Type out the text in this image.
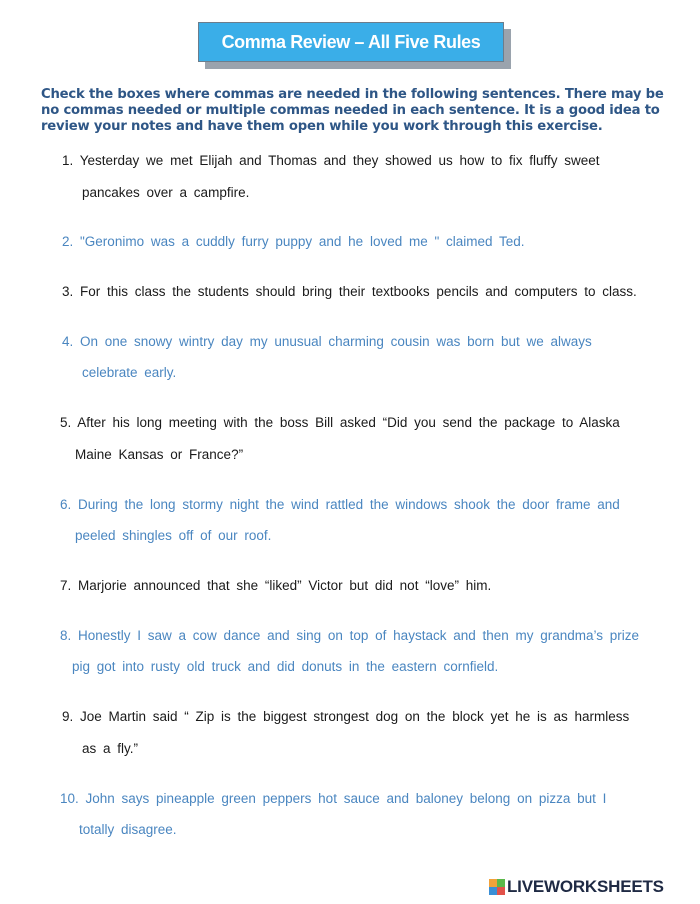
Comma Review – All Five Rules
Check the boxes where commas are needed in the following sentences. There may be no commas needed or multiple commas needed in each sentence. It is a good idea to review your notes and have them open while you work through this exercise.
1. Yesterday we met Elijah and Thomas and they showed us how to fix fluffy sweet
pancakes over a campfire.
2. "Geronimo was a cuddly furry puppy and he loved me " claimed Ted.
3. For this class the students should bring their textbooks pencils and computers to class.
4. On one snowy wintry day my unusual charming cousin was born but we always
celebrate early.
5. After his long meeting with the boss Bill asked “Did you send the package to Alaska
Maine Kansas or France?”
6. During the long stormy night the wind rattled the windows shook the door frame and
peeled shingles off of our roof.
7. Marjorie announced that she “liked” Victor but did not “love” him.
8. Honestly I saw a cow dance and sing on top of haystack and then my grandma’s prize
pig got into rusty old truck and did donuts in the eastern cornfield.
9. Joe Martin said “ Zip is the biggest strongest dog on the block yet he is as harmless
as a fly.”
10. John says pineapple green peppers hot sauce and baloney belong on pizza but I
totally disagree.
LIVEWORKSHEETS
